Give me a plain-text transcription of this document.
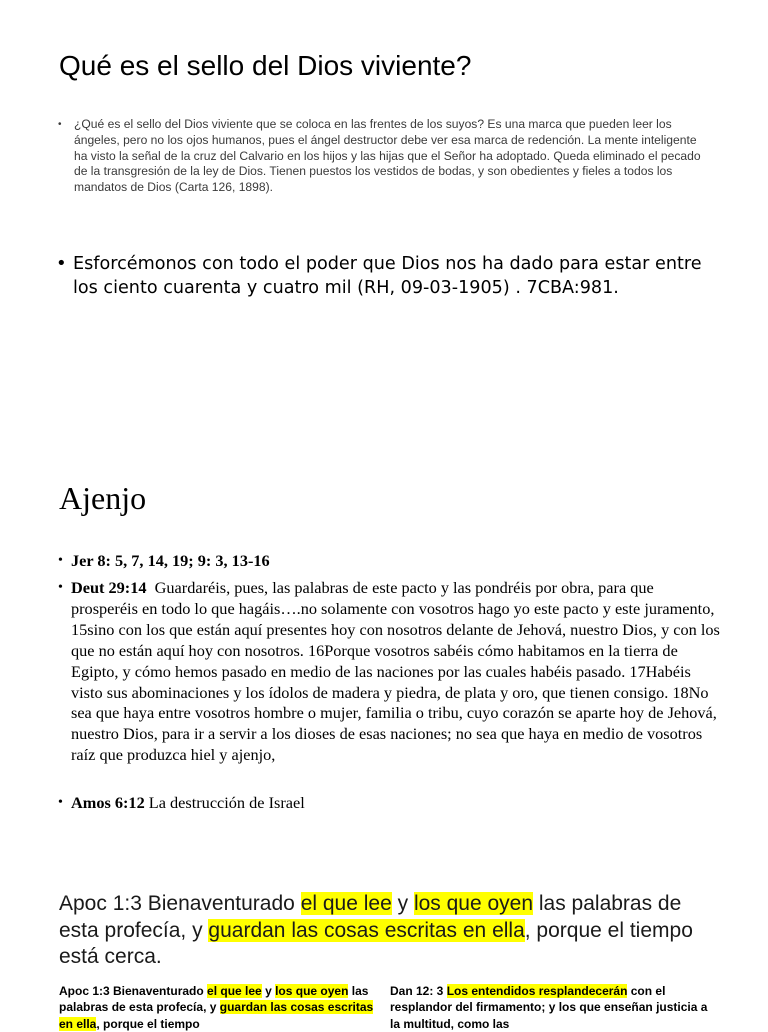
Qué es el sello del Dios viviente?
• ¿Qué es el sello del Dios viviente que se coloca en las frentes de los suyos? Es una marca que pueden leer los ángeles, pero no los ojos humanos, pues el ángel destructor debe ver esa marca de redención. La mente inteligente ha visto la señal de la cruz del Calvario en los hijos y las hijas que el Señor ha adoptado. Queda eliminado el pecado de la transgresión de la ley de Dios. Tienen puestos los vestidos de bodas, y son obedientes y fieles a todos los mandatos de Dios (Carta 126, 1898).
• Esforcémonos con todo el poder que Dios nos ha dado para estar entre los ciento cuarenta y cuatro mil (RH, 09-03-1905) . 7CBA:981.
Ajenjo
• Jer 8: 5, 7, 14, 19; 9: 3, 13-16
• Deut 29:14  Guardaréis, pues, las palabras de este pacto y las pondréis por obra, para que prosperéis en todo lo que hagáis….no solamente con vosotros hago yo este pacto y este juramento, 15sino con los que están aquí presentes hoy con nosotros delante de Jehová, nuestro Dios, y con los que no están aquí hoy con nosotros. 16Porque vosotros sabéis cómo habitamos en la tierra de Egipto, y cómo hemos pasado en medio de las naciones por las cuales habéis pasado. 17Habéis visto sus abominaciones y los ídolos de madera y piedra, de plata y oro, que tienen consigo. 18No sea que haya entre vosotros hombre o mujer, familia o tribu, cuyo corazón se aparte hoy de Jehová, nuestro Dios, para ir a servir a los dioses de esas naciones; no sea que haya en medio de vosotros raíz que produzca hiel y ajenjo,
• Amos 6:12 La destrucción de Israel
Apoc 1:3 Bienaventurado el que lee y los que oyen las palabras de esta profecía, y guardan las cosas escritas en ella, porque el tiempo está cerca.
Apoc 1:3 Bienaventurado el que lee y los que oyen las palabras de esta profecía, y guardan las cosas escritas en ella, porque el tiempo
Dan 12: 3 Los entendidos resplandecerán con el resplandor del firmamento; y los que enseñan justicia a la multitud, como las
